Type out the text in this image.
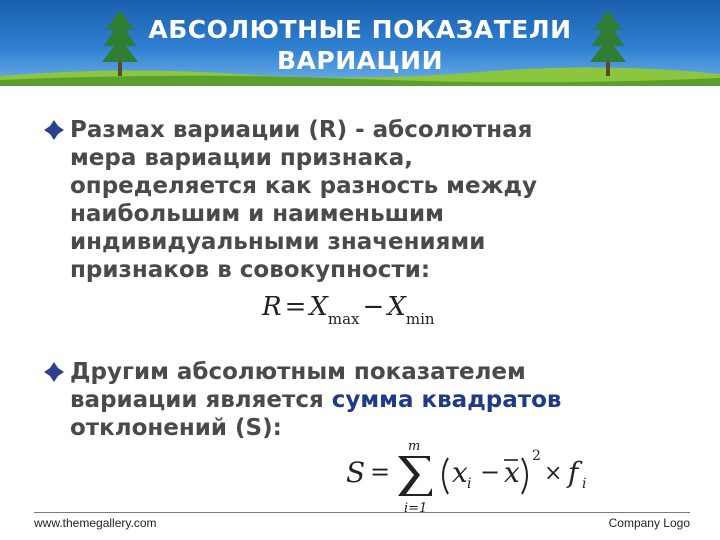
АБСОЛЮТНЫЕ ПОКАЗАТЕЛИ
ВАРИАЦИИ
Размах вариации (R) - абсолютная
мера вариации признака,
определяется как разность между
наибольшим и наименьшим
индивидуальными значениями
признаков в совокупности:
Другим абсолютным показателем
вариации является сумма квадратов
отклонений (S):
$R = X_{max} - X_{min}$
S =
m
i=1
x i − x 2
× f i
www.themegallery.com	Company Logo
